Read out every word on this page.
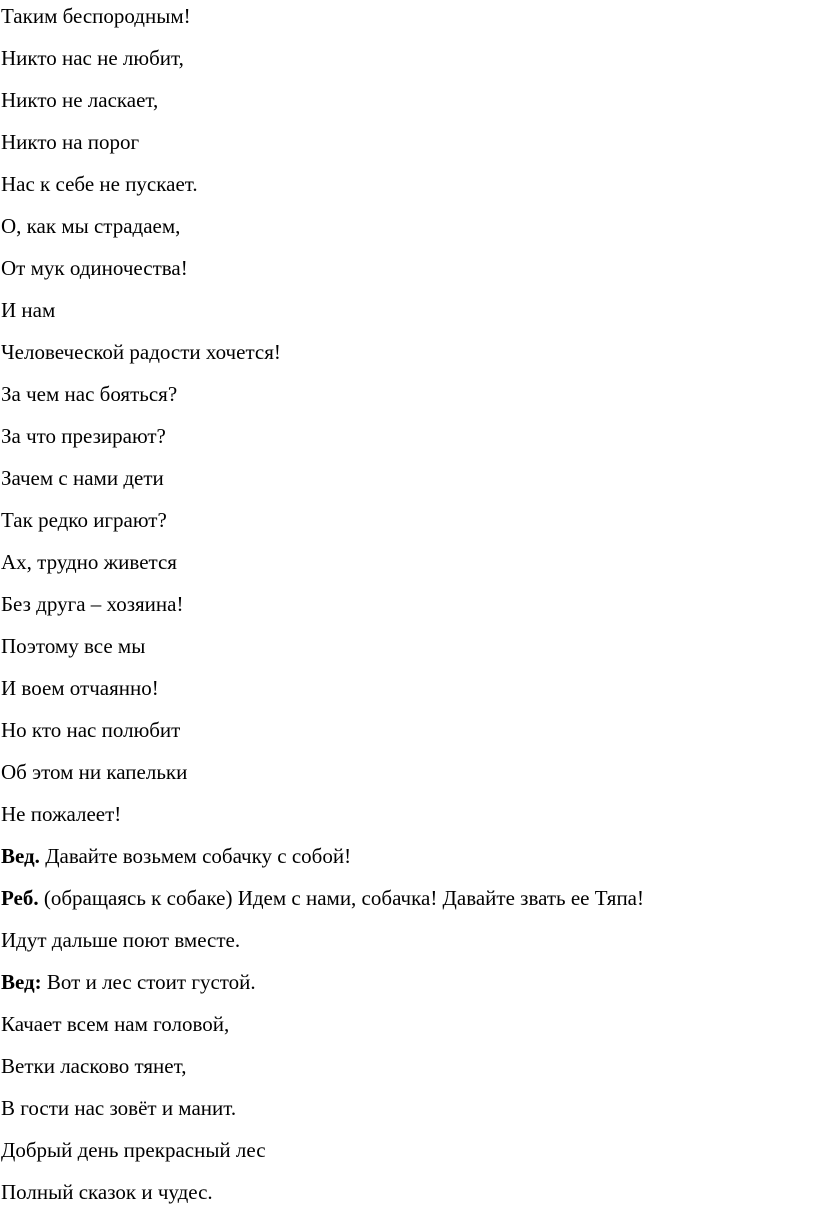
Таким беспородным!
Никто нас не любит,
Никто не ласкает,
Никто на порог
Нас к себе не пускает.
О, как мы страдаем,
От мук одиночества!
И нам
Человеческой радости хочется!
За чем нас бояться?
За что презирают?
Зачем с нами дети
Так редко играют?
Ах, трудно живется
Без друга – хозяина!
Поэтому все мы
И воем отчаянно!
Но кто нас полюбит
Об этом ни капельки
Не пожалеет!
Вед. Давайте возьмем собачку с собой!
Реб. (обращаясь к собаке) Идем с нами, собачка! Давайте звать ее Тяпа!
Идут дальше поют вместе.
Вед: Вот и лес стоит густой.
Качает всем нам головой,
Ветки ласково тянет,
В гости нас зовёт и манит.
Добрый день прекрасный лес
Полный сказок и чудес.
